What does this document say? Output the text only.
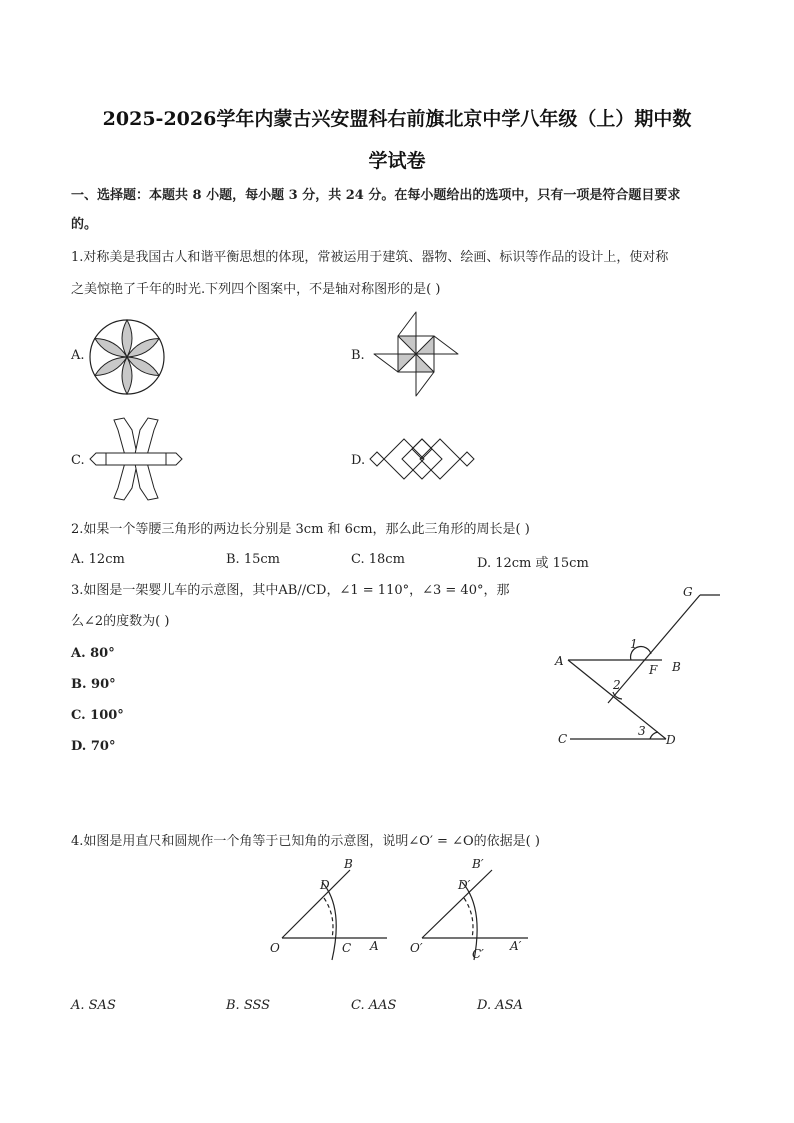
2025-2026学年内蒙古兴安盟科右前旗北京中学八年级（上）期中数
学试卷
一、选择题：本题共 8 小题，每小题 3 分，共 24 分。在每小题给出的选项中，只有一项是符合题目要求
的。
1.对称美是我国古人和谐平衡思想的体现，常被运用于建筑、器物、绘画、标识等作品的设计上，使对称
之美惊艳了千年的时光.下列四个图案中，不是轴对称图形的是( )
A.	B.
C.	D.
2.如果一个等腰三角形的两边长分别是 3cm 和 6cm，那么此三角形的周长是( )
A. 12cm	B. 15cm	C. 18cm	D. 12cm 或 15cm
3.如图是一架婴儿车的示意图，其中AB//CD，∠1 = 110°，∠3 = 40°，那
么∠2的度数为( )
A. 80°
B. 90°
C. 100°
D. 70°
G
A
F B
C	D
1
2
3
4.如图是用直尺和圆规作一个角等于已知角的示意图，说明∠O′ = ∠O的依据是( )
O	C A
B
D
O′	C′
A′
B′
D′
A. SAS	B. SSS	C. AAS	D. ASA
